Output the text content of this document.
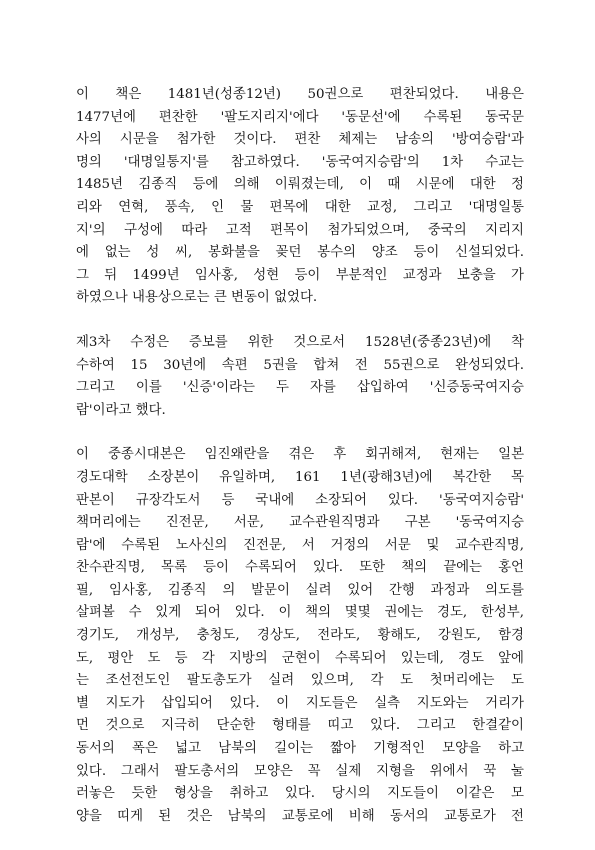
이 책은 1481년(성종12년) 50권으로 편찬되었다. 내용은
1477년에 편찬한 '팔도지리지'에다 '동문선'에 수록된 동국문
사의 시문을 첨가한 것이다. 편찬 체제는 남송의 '방여승람'과
명의 '대명일통지'를 참고하였다. '동국여지승람'의 1차 수교는
1485년 김종직 등에 의해 이뤄졌는데, 이 때 시문에 대한 정
리와 연혁, 풍속, 인 물 편목에 대한 교정, 그리고 '대명일통
지'의 구성에 따라 고적 편목이 첨가되었으며, 중국의 지리지
에 없는 성 씨, 봉화불을 꽂던 봉수의 양조 등이 신설되었다.
그 뒤 1499년 임사홍, 성현 등이 부분적인 교정과 보충을 가
하였으나 내용상으로는 큰 변동이 없었다.
제3차 수정은 증보를 위한 것으로서 1528년(중종23년)에 착
수하여 15 30년에 속편 5권을 합쳐 전 55권으로 완성되었다.
그리고 이를 '신증'이라는 두 자를 삽입하여 '신증동국여지승
람'이라고 했다.
이 중종시대본은 임진왜란을 겪은 후 회귀해져, 현재는 일본
경도대학 소장본이 유일하며, 161 1년(광해3년)에 복간한 목
판본이 규장각도서 등 국내에 소장되어 있다. '동국여지승람'
책머리에는 진전문, 서문, 교수관원직명과 구본 '동국여지승
람'에 수록된 노사신의 진전문, 서 거정의 서문 및 교수관직명,
찬수관직명, 목록 등이 수록되어 있다. 또한 책의 끝에는 홍언
필, 임사홍, 김종직 의 발문이 실려 있어 간행 과정과 의도를
살펴볼 수 있게 되어 있다. 이 책의 몇몇 권에는 경도, 한성부,
경기도, 개성부, 충청도, 경상도, 전라도, 황해도, 강원도, 함경
도, 평안 도 등 각 지방의 군현이 수록되어 있는데, 경도 앞에
는 조선전도인 팔도총도가 실려 있으며, 각 도 첫머리에는 도
별 지도가 삽입되어 있다. 이 지도들은 실측 지도와는 거리가
먼 것으로 지극히 단순한 형태를 띠고 있다. 그리고 한결같이
동서의 폭은 넓고 남북의 길이는 짧아 기형적인 모양을 하고
있다. 그래서 팔도총서의 모양은 꼭 실제 지형을 위에서 꾹 눌
러놓은 듯한 형상을 취하고 있다. 당시의 지도들이 이같은 모
양을 띠게 된 것은 남북의 교통로에 비해 동서의 교통로가 전
